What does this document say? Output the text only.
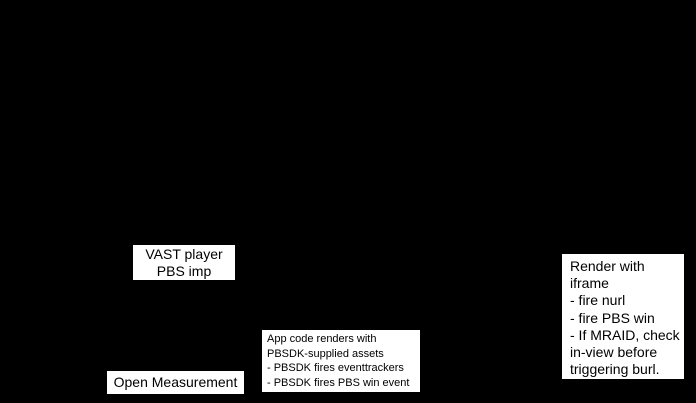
VAST player
PBS imp
Open Measurement
App code renders with
PBSDK-supplied assets
- PBSDK fires eventtrackers
- PBSDK fires PBS win event
Render with
iframe
- fire nurl
- fire PBS win
- If MRAID, check
in-view before
triggering burl.
